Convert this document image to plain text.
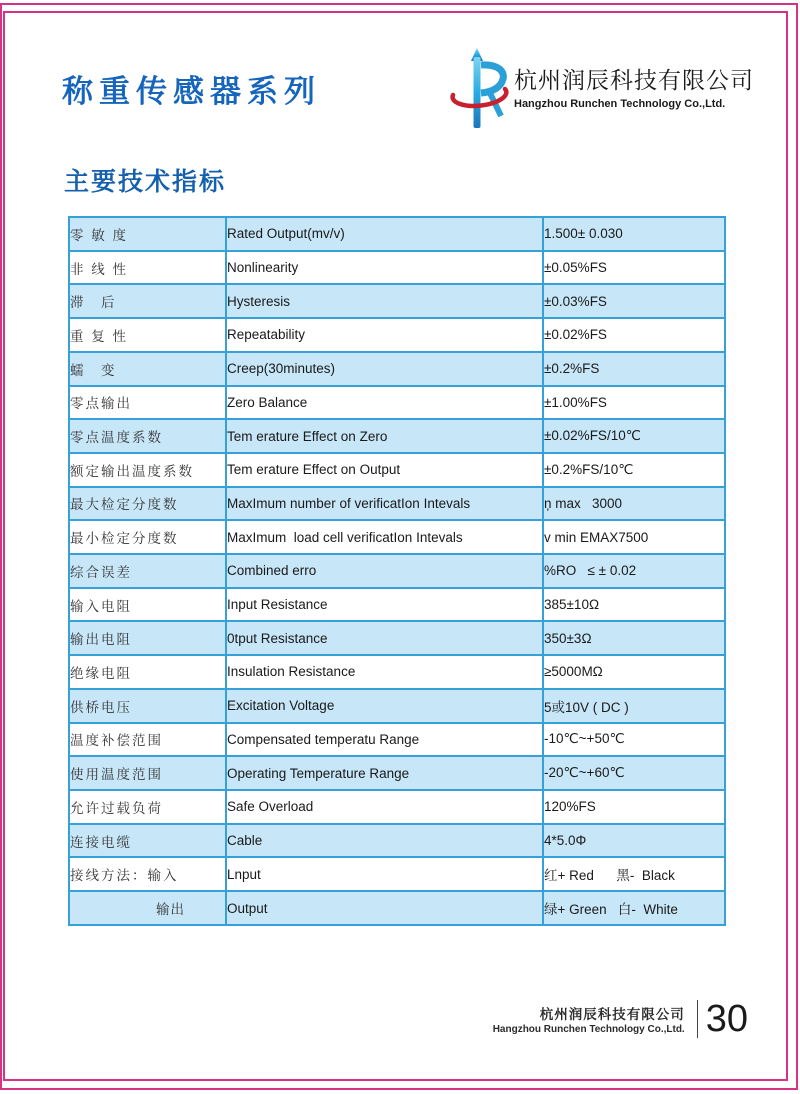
称重传感器系列	杭州润辰科技有限公司
Hangzhou Runchen Technology Co.,Ltd.
主要技术指标
零 敏 度	Rated Output(mv/v)	1.500± 0.030
非 线 性	Nonlinearity	±0.05%FS
滞　后	Hysteresis	±0.03%FS
重 复 性	Repeatability	±0.02%FS
蠕　变	Creep(30minutes)	±0.2%FS
零点输出	Zero Balance	±1.00%FS
零点温度系数	Tem erature Effect on Zero	±0.02%FS/10℃
额定输出温度系数	Tem erature Effect on Output	±0.2%FS/10℃
最大检定分度数	MaxImum number of verificatIon Intevals	ņ max   3000
最小检定分度数	MaxImum  load cell verificatIon Intevals	v min EMAX7500
综合误差	Combined erro	%RO   ≤ ± 0.02
输入电阻	Input Resistance	385±10Ω
输出电阻	0tput Resistance	350±3Ω
绝缘电阻	Insulation Resistance	≥5000MΩ
供桥电压	Excitation Voltage	5或10V ( DC )
温度补偿范围	Compensated temperatu Range	-10℃~+50℃
使用温度范围	Operating Temperature Range	-20℃~+60℃
允许过载负荷	Safe Overload	120%FS
连接电缆	Cable	4*5.0Φ
接线方法：输入	Lnput	红+ Red      黑-  Black
输出	Output	绿+ Green   白-  White
杭州润辰科技有限公司
Hangzhou Runchen Technology Co.,Ltd. 30
